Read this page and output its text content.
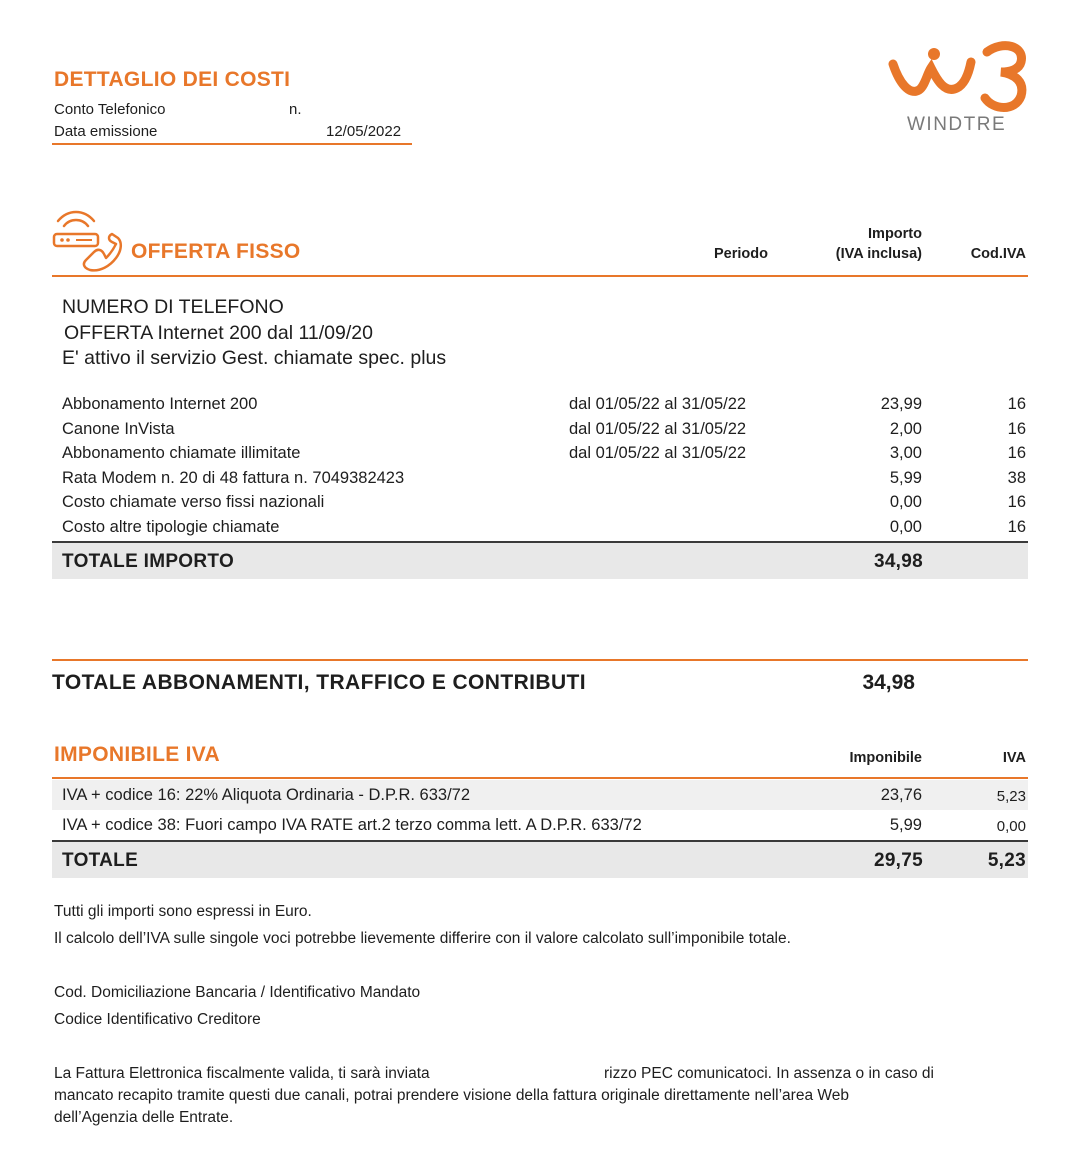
DETTAGLIO DEI COSTI
Conto Telefonico	n.
Data emissione	12/05/2022	WINDTRE
OFFERTA FISSO	Periodo
Importo
(IVA inclusa)	Cod.IVA
NUMERO DI TELEFONO
OFFERTA Internet 200 dal 11/09/20
E' attivo il servizio Gest. chiamate spec. plus
Abbonamento Internet 200	dal 01/05/22 al 31/05/22	23,99	16
Canone InVista	dal 01/05/22 al 31/05/22	2,00	16
Abbonamento chiamate illimitate	dal 01/05/22 al 31/05/22	3,00	16
Rata Modem n. 20 di 48 fattura n. 7049382423	5,99	38
Costo chiamate verso fissi nazionali	0,00	16
Costo altre tipologie chiamate	0,00	16
TOTALE IMPORTO	34,98
TOTALE ABBONAMENTI, TRAFFICO E CONTRIBUTI	34,98
IMPONIBILE IVA	Imponibile	IVA
IVA + codice 16: 22% Aliquota Ordinaria - D.P.R. 633/72	23,76	5,23
IVA + codice 38: Fuori campo IVA RATE art.2 terzo comma lett. A D.P.R. 633/72	5,99	0,00
TOTALE	29,75	5,23
Tutti gli importi sono espressi in Euro.
Il calcolo dell’IVA sulle singole voci potrebbe lievemente differire con il valore calcolato sull’imponibile totale.
Cod. Domiciliazione Bancaria / Identificativo Mandato
Codice Identificativo Creditore
La Fattura Elettronica fiscalmente valida, ti sarà inviata	rizzo PEC comunicatoci. In assenza o in caso di
mancato recapito tramite questi due canali, potrai prendere visione della fattura originale direttamente nell’area Web
dell’Agenzia delle Entrate.
